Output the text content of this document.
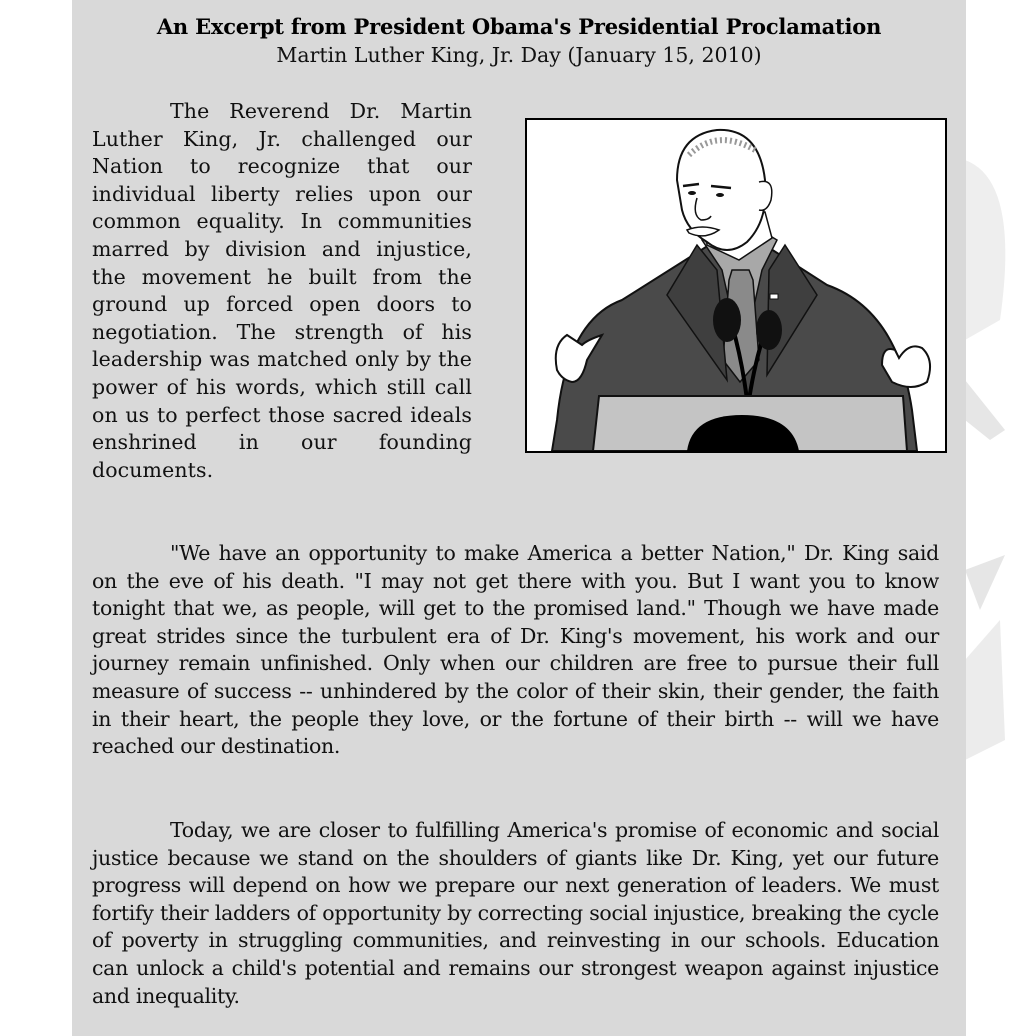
An Excerpt from President Obama's Presidential Proclamation
Martin Luther King, Jr. Day (January 15, 2010)

The Reverend Dr. Martin Luther King, Jr. challenged our Nation to recognize that our individual liberty relies upon our common equality. In communities marred by division and injustice, the movement he built from the ground up forced open doors to negotiation. The strength of his leadership was matched only by the power of his words, which still call on us to perfect those sacred ideals enshrined in our founding documents.

"We have an opportunity to make America a better Nation," Dr. King said on the eve of his death. "I may not get there with you. But I want you to know tonight that we, as people, will get to the promised land." Though we have made great strides since the turbulent era of Dr. King's movement, his work and our journey remain unfinished. Only when our children are free to pursue their full measure of success -- unhindered by the color of their skin, their gender, the faith in their heart, the people they love, or the fortune of their birth -- will we have reached our destination.

Today, we are closer to fulfilling America's promise of economic and social justice because we stand on the shoulders of giants like Dr. King, yet our future progress will depend on how we prepare our next generation of leaders. We must fortify their ladders of opportunity by correcting social injustice, breaking the cycle of poverty in struggling communities, and reinvesting in our schools. Education can unlock a child's potential and remains our strongest weapon against injustice and inequality.
